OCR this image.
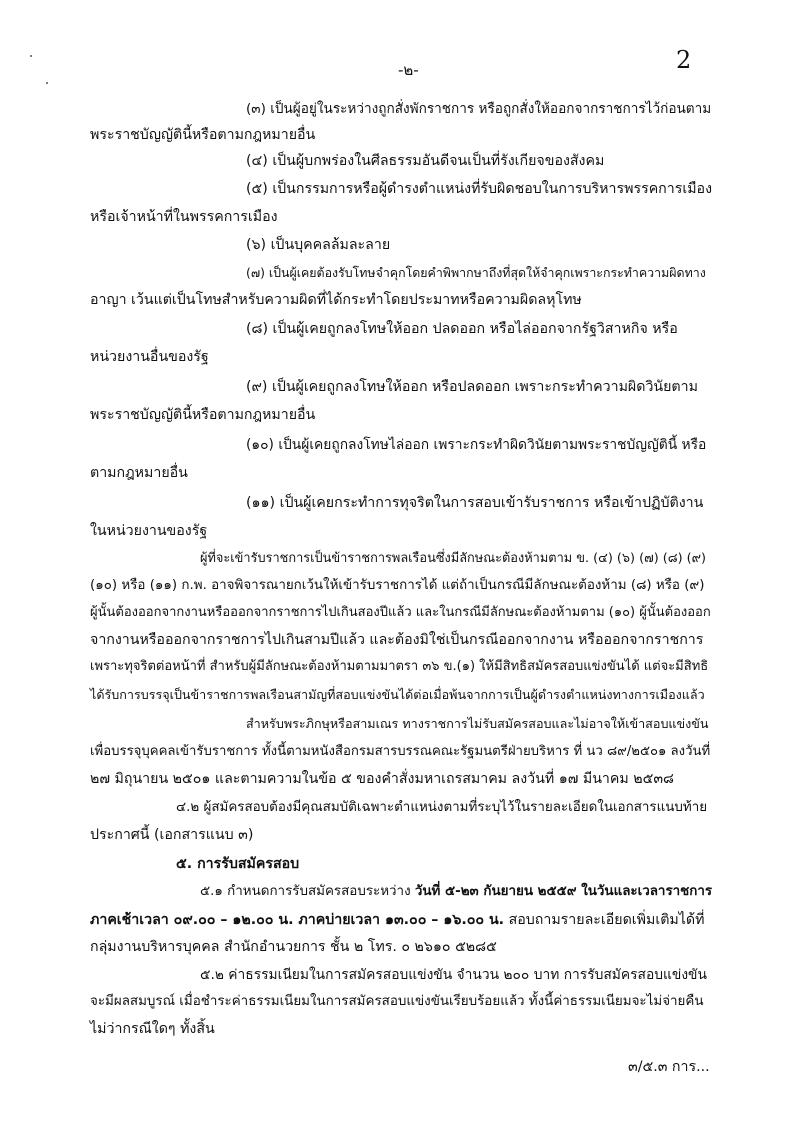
-๒-	2
(๓) เป็นผู้อยู่ในระหว่างถูกสั่งพักราชการ หรือถูกสั่งให้ออกจากราชการไว้ก่อนตาม
พระราชบัญญัตินี้หรือตามกฎหมายอื่น
(๔) เป็นผู้บกพร่องในศีลธรรมอันดีจนเป็นที่รังเกียจของสังคม
(๕) เป็นกรรมการหรือผู้ดำรงตำแหน่งที่รับผิดชอบในการบริหารพรรคการเมือง
หรือเจ้าหน้าที่ในพรรคการเมือง
(๖) เป็นบุคคลล้มละลาย
(๗) เป็นผู้เคยต้องรับโทษจำคุกโดยคำพิพากษาถึงที่สุดให้จำคุกเพราะกระทำความผิดทาง
อาญา เว้นแต่เป็นโทษสำหรับความผิดที่ได้กระทำโดยประมาทหรือความผิดลหุโทษ
(๘) เป็นผู้เคยถูกลงโทษให้ออก ปลดออก หรือไล่ออกจากรัฐวิสาหกิจ หรือ
หน่วยงานอื่นของรัฐ
(๙) เป็นผู้เคยถูกลงโทษให้ออก หรือปลดออก เพราะกระทำความผิดวินัยตาม
พระราชบัญญัตินี้หรือตามกฎหมายอื่น
(๑๐) เป็นผู้เคยถูกลงโทษไล่ออก เพราะกระทำผิดวินัยตามพระราชบัญญัตินี้ หรือ
ตามกฎหมายอื่น
(๑๑) เป็นผู้เคยกระทำการทุจริตในการสอบเข้ารับราชการ หรือเข้าปฏิบัติงาน
ในหน่วยงานของรัฐ
ผู้ที่จะเข้ารับราชการเป็นข้าราชการพลเรือนซึ่งมีลักษณะต้องห้ามตาม ข. (๔) (๖) (๗) (๘) (๙)
(๑๐) หรือ (๑๑) ก.พ. อาจพิจารณายกเว้นให้เข้ารับราชการได้ แต่ถ้าเป็นกรณีมีลักษณะต้องห้าม (๘) หรือ (๙)
ผู้นั้นต้องออกจากงานหรือออกจากราชการไปเกินสองปีแล้ว และในกรณีมีลักษณะต้องห้ามตาม (๑๐) ผู้นั้นต้องออก
จากงานหรือออกจากราชการไปเกินสามปีแล้ว และต้องมิใช่เป็นกรณีออกจากงาน หรือออกจากราชการ
เพราะทุจริตต่อหน้าที่ สำหรับผู้มีลักษณะต้องห้ามตามมาตรา ๓๖ ข.(๑) ให้มีสิทธิสมัครสอบแข่งขันได้ แต่จะมีสิทธิ
ได้รับการบรรจุเป็นข้าราชการพลเรือนสามัญที่สอบแข่งขันได้ต่อเมื่อพ้นจากการเป็นผู้ดำรงตำแหน่งทางการเมืองแล้ว
สำหรับพระภิกษุหรือสามเณร ทางราชการไม่รับสมัครสอบและไม่อาจให้เข้าสอบแข่งขัน
เพื่อบรรจุบุคคลเข้ารับราชการ ทั้งนี้ตามหนังสือกรมสารบรรณคณะรัฐมนตรีฝ่ายบริหาร ที่ นว ๘๙/๒๕๐๑ ลงวันที่
๒๗ มิถุนายน ๒๕๐๑ และตามความในข้อ ๕ ของคำสั่งมหาเถรสมาคม ลงวันที่ ๑๗ มีนาคม ๒๕๓๘
๔.๒ ผู้สมัครสอบต้องมีคุณสมบัติเฉพาะตำแหน่งตามที่ระบุไว้ในรายละเอียดในเอกสารแนบท้าย
ประกาศนี้ (เอกสารแนบ ๓)
๕. การรับสมัครสอบ
๕.๑ กำหนดการรับสมัครสอบระหว่าง วันที่ ๕-๒๓ กันยายน ๒๕๕๙ ในวันและเวลาราชการ
ภาคเช้าเวลา ๐๙.๐๐ – ๑๒.๐๐ น. ภาคบ่ายเวลา ๑๓.๐๐ – ๑๖.๐๐ น. สอบถามรายละเอียดเพิ่มเติมได้ที่
กลุ่มงานบริหารบุคคล สำนักอำนวยการ ชั้น ๒ โทร. ๐ ๒๖๑๐ ๕๒๘๕
๕.๒ ค่าธรรมเนียมในการสมัครสอบแข่งขัน จำนวน ๒๐๐ บาท การรับสมัครสอบแข่งขัน
จะมีผลสมบูรณ์ เมื่อชำระค่าธรรมเนียมในการสมัครสอบแข่งขันเรียบร้อยแล้ว ทั้งนี้ค่าธรรมเนียมจะไม่จ่ายคืน
ไม่ว่ากรณีใดๆ ทั้งสิ้น
๓/๕.๓ การ...
